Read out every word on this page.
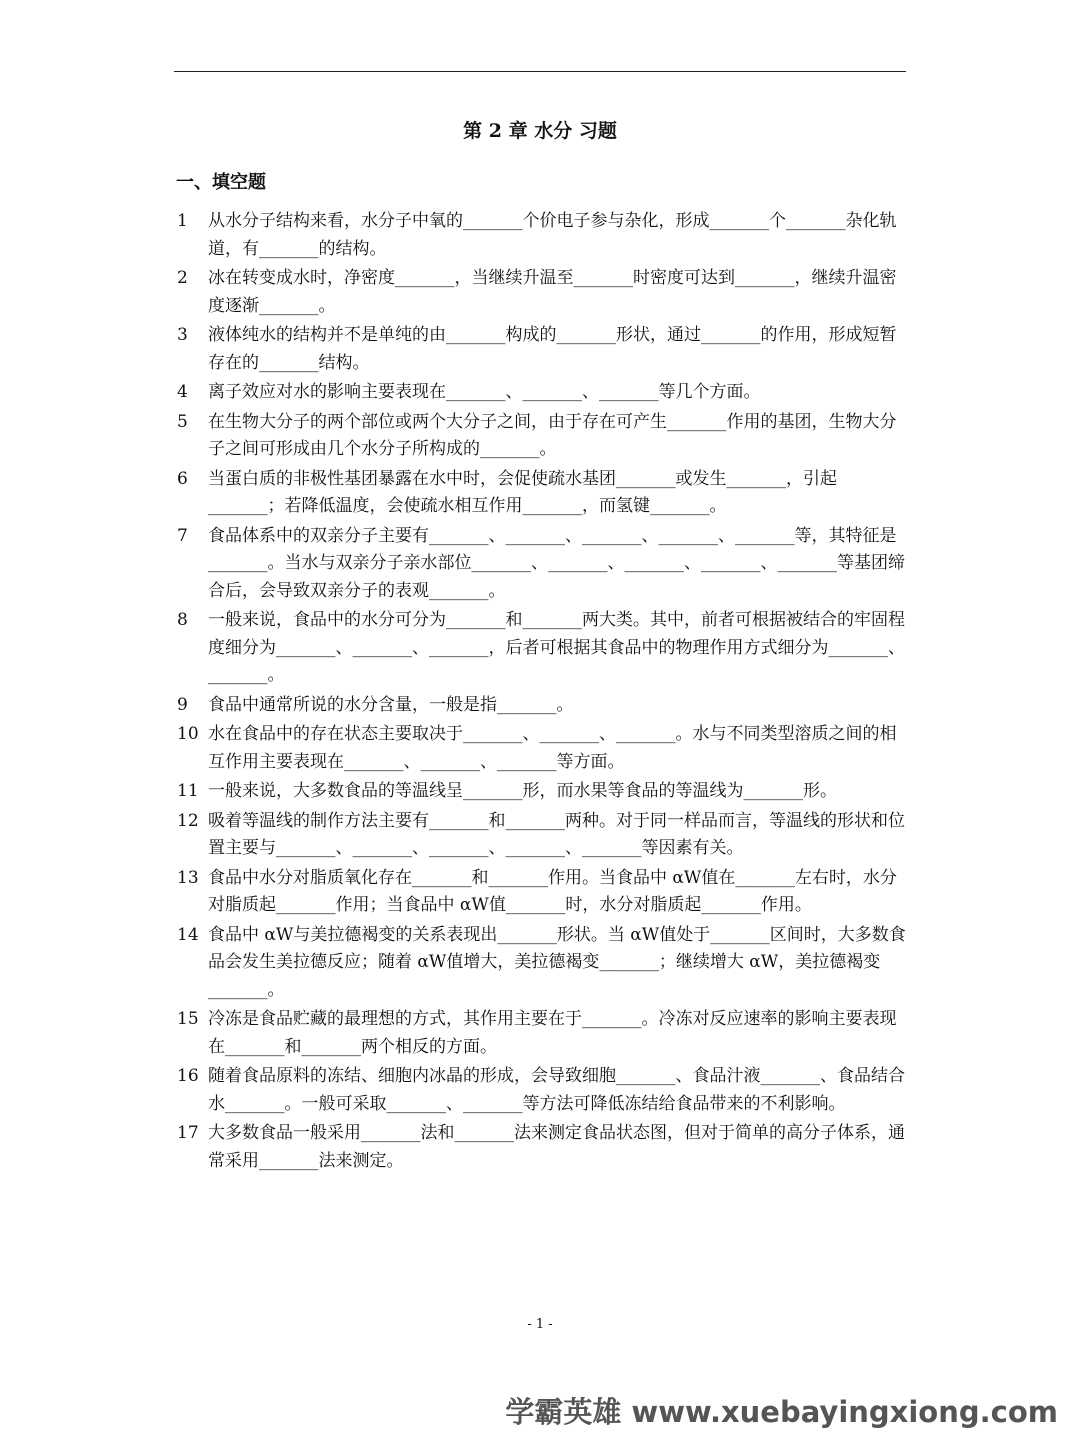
第 2 章 水分 习题
一、填空题
1 从水分子结构来看，水分子中氧的_______个价电子参与杂化，形成_______个_______杂化轨道，有_______的结构。
2 冰在转变成水时，净密度_______，当继续升温至_______时密度可达到_______，继续升温密度逐渐_______。
3 液体纯水的结构并不是单纯的由_______构成的_______形状，通过_______的作用，形成短暂存在的_______结构。
4 离子效应对水的影响主要表现在_______、_______、_______等几个方面。
5 在生物大分子的两个部位或两个大分子之间，由于存在可产生_______作用的基团，生物大分子之间可形成由几个水分子所构成的_______。
6 当蛋白质的非极性基团暴露在水中时，会促使疏水基团_______或发生_______，引起_______；若降低温度，会使疏水相互作用_______，而氢键_______。
7 食品体系中的双亲分子主要有_______、_______、_______、_______、_______等，其特征是_______。当水与双亲分子亲水部位_______、_______、_______、_______、_______等基团缔合后，会导致双亲分子的表观_______。
8 一般来说，食品中的水分可分为_______和_______两大类。其中，前者可根据被结合的牢固程度细分为_______、_______、_______，后者可根据其食品中的物理作用方式细分为_______、_______。
9 食品中通常所说的水分含量，一般是指_______。
10 水在食品中的存在状态主要取决于_______、_______、_______。水与不同类型溶质之间的相互作用主要表现在_______、_______、_______等方面。
11 一般来说，大多数食品的等温线呈_______形，而水果等食品的等温线为_______形。
12 吸着等温线的制作方法主要有_______和_______两种。对于同一样品而言，等温线的形状和位置主要与_______、_______、_______、_______、_______等因素有关。
13 食品中水分对脂质氧化存在_______和_______作用。当食品中 αW值在_______左右时，水分对脂质起_______作用；当食品中 αW值_______时，水分对脂质起_______作用。
14 食品中 αW与美拉德褐变的关系表现出_______形状。当 αW值处于_______区间时，大多数食品会发生美拉德反应；随着 αW值增大，美拉德褐变_______；继续增大 αW，美拉德褐变_______。
15 冷冻是食品贮藏的最理想的方式，其作用主要在于_______。冷冻对反应速率的影响主要表现在_______和_______两个相反的方面。
16 随着食品原料的冻结、细胞内冰晶的形成，会导致细胞_______、食品汁液_______、食品结合水_______。一般可采取_______、_______等方法可降低冻结给食品带来的不利影响。
17 大多数食品一般采用_______法和_______法来测定食品状态图，但对于简单的高分子体系，通常采用_______法来测定。
- 1 -
学霸英雄 www.xuebayingxiong.com
